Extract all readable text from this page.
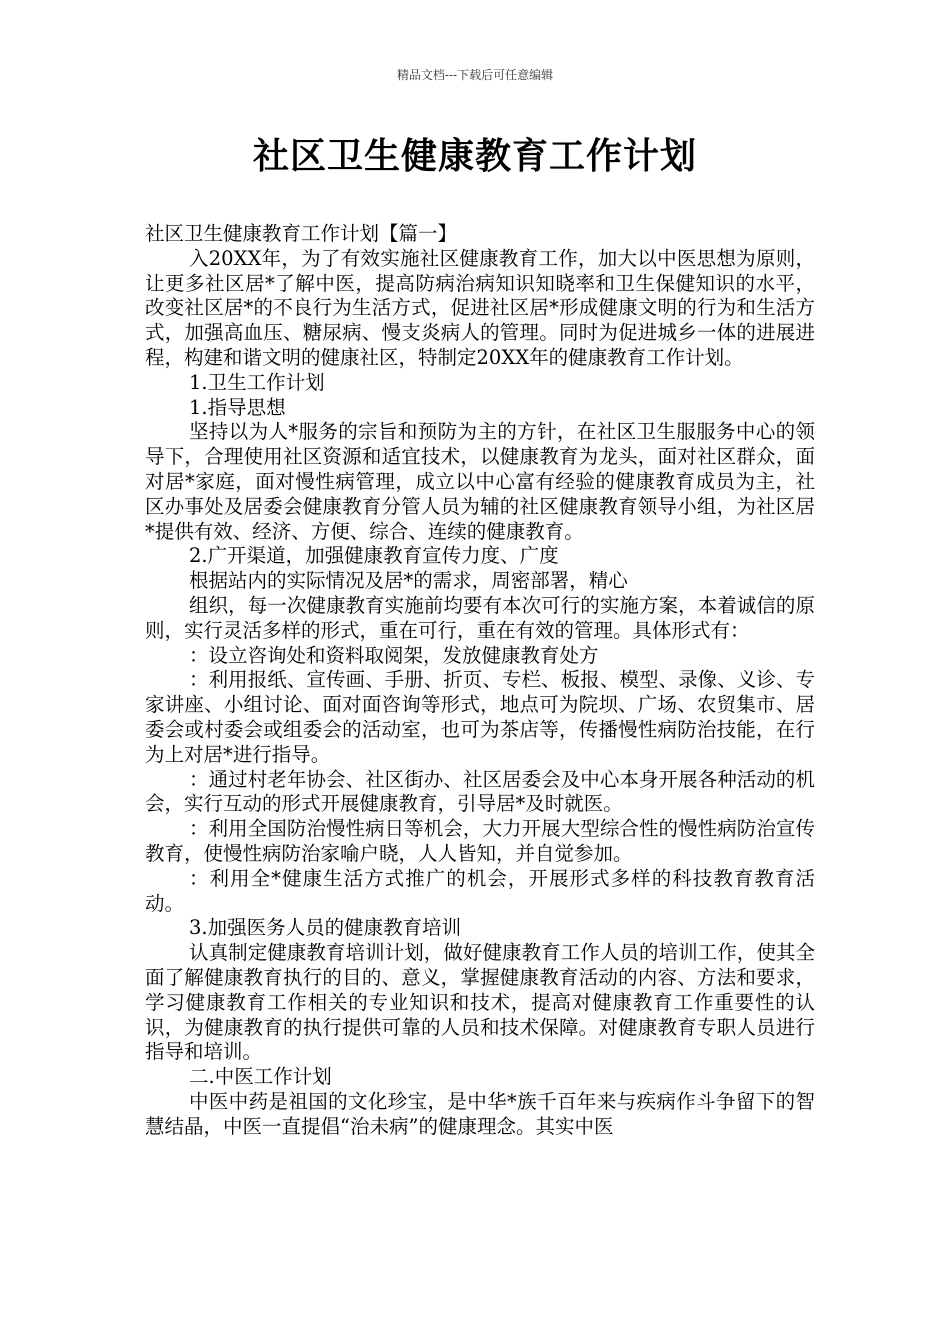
精品文档---下载后可任意编辑
社区卫生健康教育工作计划

社区卫生健康教育工作计划【篇一】

入20XX年，为了有效实施社区健康教育工作，加大以中医思想为原则，让更多社区居*了解中医，提高防病治病知识知晓率和卫生保健知识的水平，改变社区居*的不良行为生活方式，促进社区居*形成健康文明的行为和生活方式，加强高血压、糖尿病、慢支炎病人的管理。同时为促进城乡一体的进展进程，构建和谐文明的健康社区，特制定20XX年的健康教育工作计划。

1.卫生工作计划

1.指导思想

坚持以为人*服务的宗旨和预防为主的方针，在社区卫生服服务中心的领导下，合理使用社区资源和适宜技术，以健康教育为龙头，面对社区群众，面对居*家庭，面对慢性病管理，成立以中心富有经验的健康教育成员为主，社区办事处及居委会健康教育分管人员为辅的社区健康教育领导小组，为社区居*提供有效、经济、方便、综合、连续的健康教育。

2.广开渠道，加强健康教育宣传力度、广度

根据站内的实际情况及居*的需求，周密部署，精心

组织，每一次健康教育实施前均要有本次可行的实施方案，本着诚信的原则，实行灵活多样的形式，重在可行，重在有效的管理。具体形式有：

：设立咨询处和资料取阅架，发放健康教育处方

：利用报纸、宣传画、手册、折页、专栏、板报、模型、录像、义诊、专家讲座、小组讨论、面对面咨询等形式，地点可为院坝、广场、农贸集市、居委会或村委会或组委会的活动室，也可为茶店等，传播慢性病防治技能，在行为上对居*进行指导。

：通过村老年协会、社区街办、社区居委会及中心本身开展各种活动的机会，实行互动的形式开展健康教育，引导居*及时就医。

：利用全国防治慢性病日等机会，大力开展大型综合性的慢性病防治宣传教育，使慢性病防治家喻户晓，人人皆知，并自觉参加。

：利用全*健康生活方式推广的机会，开展形式多样的科技教育教育活动。

3.加强医务人员的健康教育培训

认真制定健康教育培训计划，做好健康教育工作人员的培训工作，使其全面了解健康教育执行的目的、意义，掌握健康教育活动的内容、方法和要求，学习健康教育工作相关的专业知识和技术，提高对健康教育工作重要性的认识，为健康教育的执行提供可靠的人员和技术保障。对健康教育专职人员进行指导和培训。

二.中医工作计划

中医中药是祖国的文化珍宝，是中华*族千百年来与疾病作斗争留下的智慧结晶，中医一直提倡“治未病”的健康理念。其实中医
